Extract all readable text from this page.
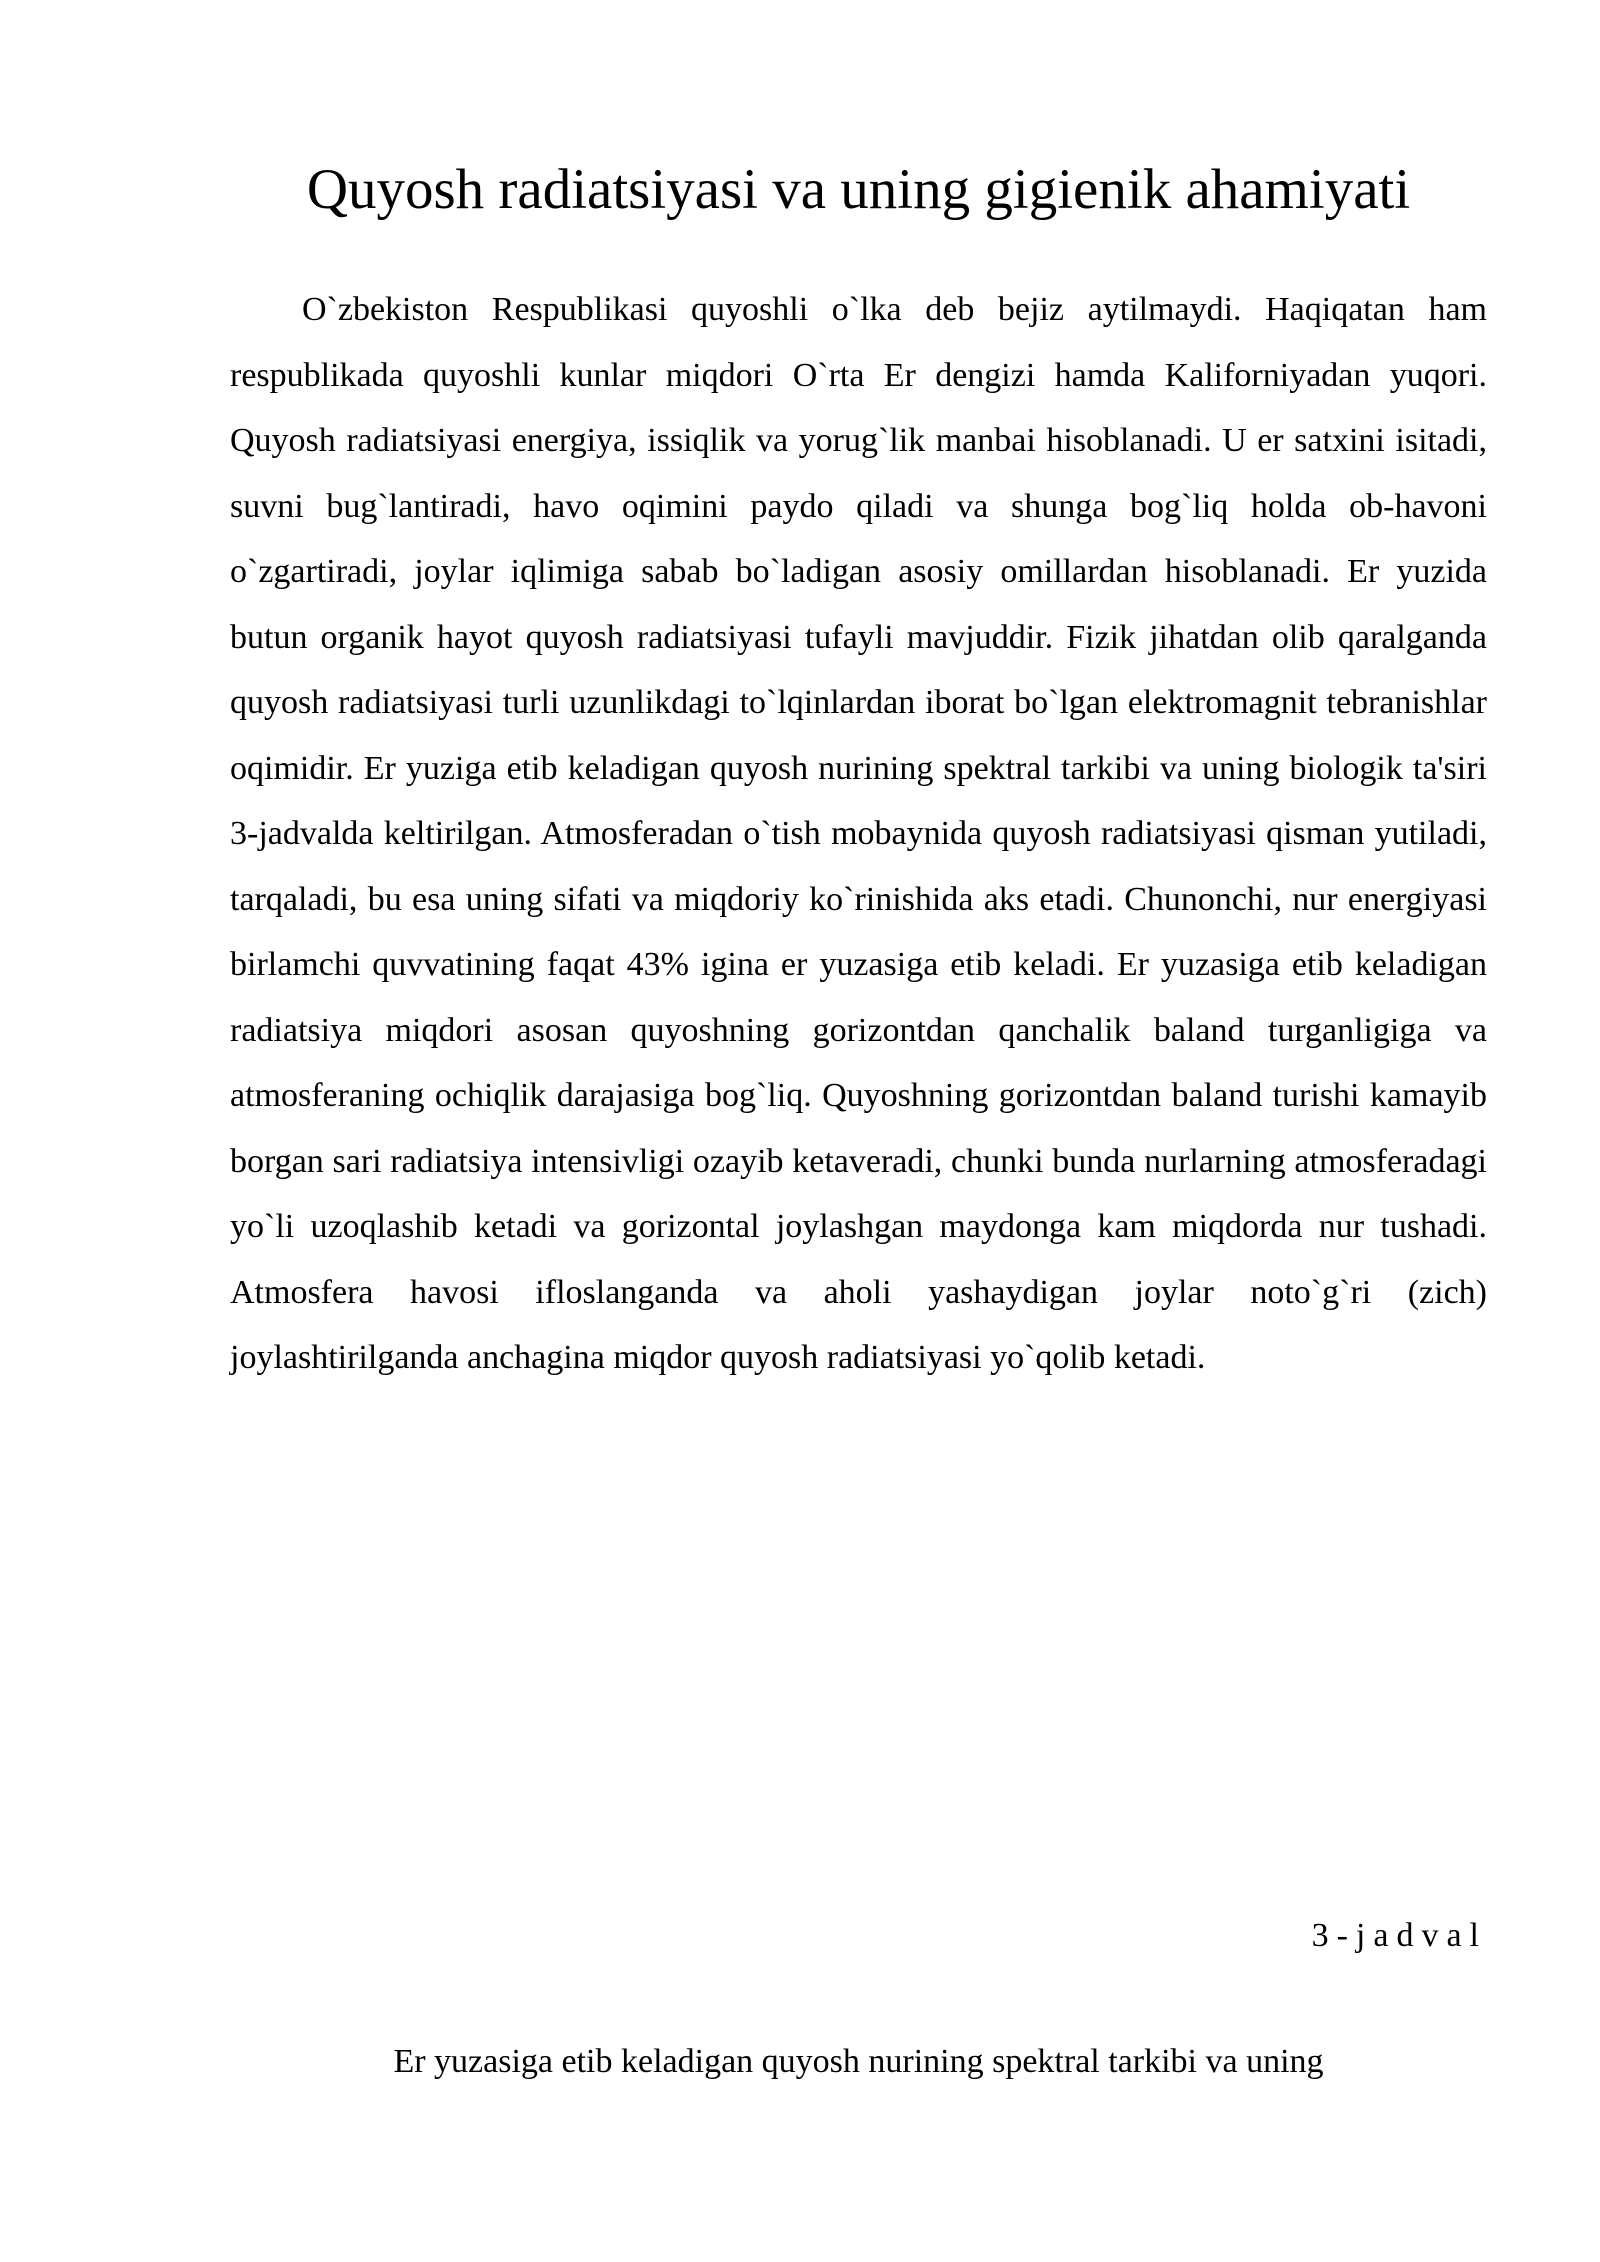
Quyosh radiatsiyasi va uning gigienik ahamiyati

O`zbekiston Respublikasi quyoshli o`lka deb bejiz aytilmaydi. Haqiqatan ham respublikada quyoshli kunlar miqdori O`rta Er dengizi hamda Kaliforniyadan yuqori. Quyosh radiatsiyasi energiya, issiqlik va yorug`lik manbai hisoblanadi. U er satxini isitadi, suvni bug`lantiradi, havo oqimini paydo qiladi va shunga bog`liq holda ob-havoni o`zgartiradi, joylar iqlimiga sabab bo`ladigan asosiy omillardan hisoblanadi. Er yuzida butun organik hayot quyosh radiatsiyasi tufayli mavjuddir. Fizik jihatdan olib qaralganda quyosh radiatsiyasi turli uzunlikdagi to`lqinlardan iborat bo`lgan elektromagnit tebranishlar oqimidir. Er yuziga etib keladigan quyosh nurining spektral tarkibi va uning biologik ta'siri 3-jadvalda keltirilgan. Atmosferadan o`tish mobaynida quyosh radiatsiyasi qisman yutiladi, tarqaladi, bu esa uning sifati va miqdoriy ko`rinishida aks etadi. Chunonchi, nur energiyasi birlamchi quvvatining faqat 43% igina er yuzasiga etib keladi. Er yuzasiga etib keladigan radiatsiya miqdori asosan quyoshning gorizontdan qanchalik baland turganligiga va atmosferaning ochiqlik darajasiga bog`liq. Quyoshning gorizontdan baland turishi kamayib borgan sari radiatsiya intensivligi ozayib ketaveradi, chunki bunda nurlarning atmosferadagi yo`li uzoqlashib ketadi va gorizontal joylashgan maydonga kam miqdorda nur tushadi. Atmosfera havosi ifloslanganda va aholi yashaydigan joylar noto`g`ri (zich) joylashtirilganda anchagina miqdor quyosh radiatsiyasi yo`qolib ketadi.

3-jadval

Er yuzasiga etib keladigan quyosh nurining spektral tarkibi va uning
